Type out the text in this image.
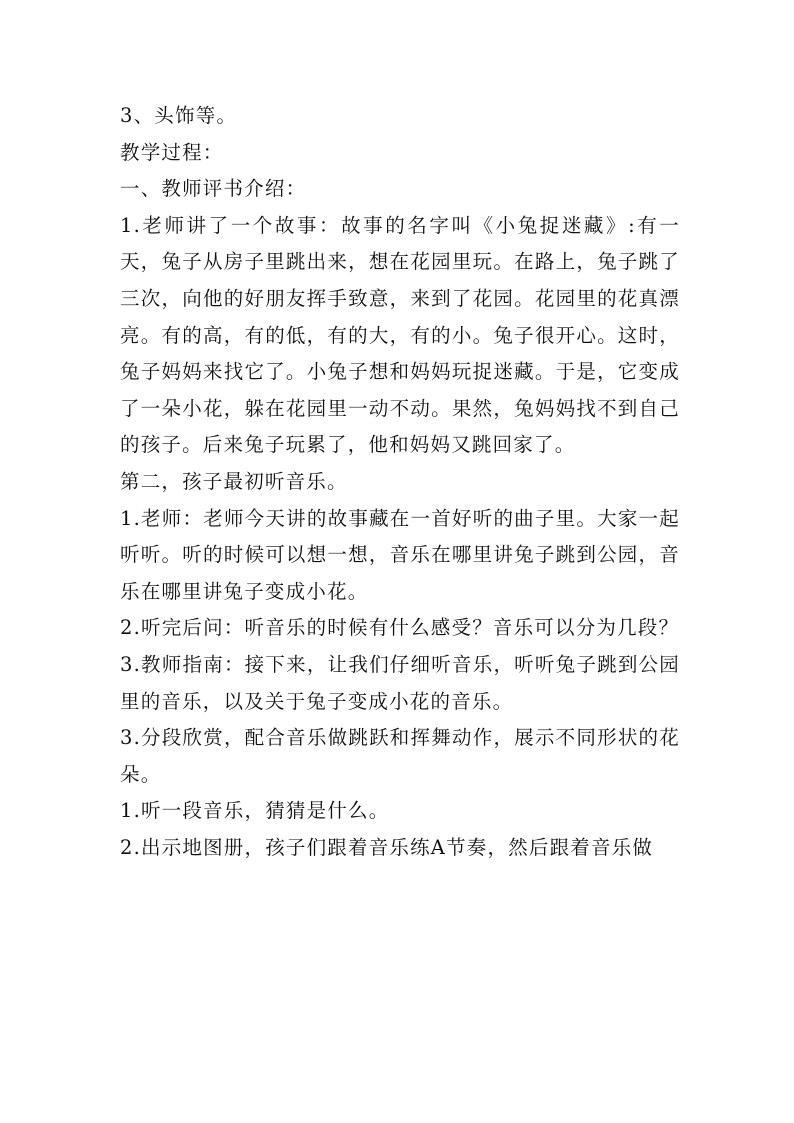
3、头饰等。

教学过程：

一、教师评书介绍：

1.老师讲了一个故事：故事的名字叫《小兔捉迷藏》:有一天，兔子从房子里跳出来，想在花园里玩。在路上，兔子跳了三次，向他的好朋友挥手致意，来到了花园。花园里的花真漂亮。有的高，有的低，有的大，有的小。兔子很开心。这时，兔子妈妈来找它了。小兔子想和妈妈玩捉迷藏。于是，它变成了一朵小花，躲在花园里一动不动。果然，兔妈妈找不到自己的孩子。后来兔子玩累了，他和妈妈又跳回家了。

第二，孩子最初听音乐。

1.老师：老师今天讲的故事藏在一首好听的曲子里。大家一起听听。听的时候可以想一想，音乐在哪里讲兔子跳到公园，音乐在哪里讲兔子变成小花。

2.听完后问：听音乐的时候有什么感受？音乐可以分为几段？

3.教师指南：接下来，让我们仔细听音乐，听听兔子跳到公园里的音乐，以及关于兔子变成小花的音乐。

3.分段欣赏，配合音乐做跳跃和挥舞动作，展示不同形状的花朵。

1.听一段音乐，猜猜是什么。

2.出示地图册，孩子们跟着音乐练A节奏，然后跟着音乐做
